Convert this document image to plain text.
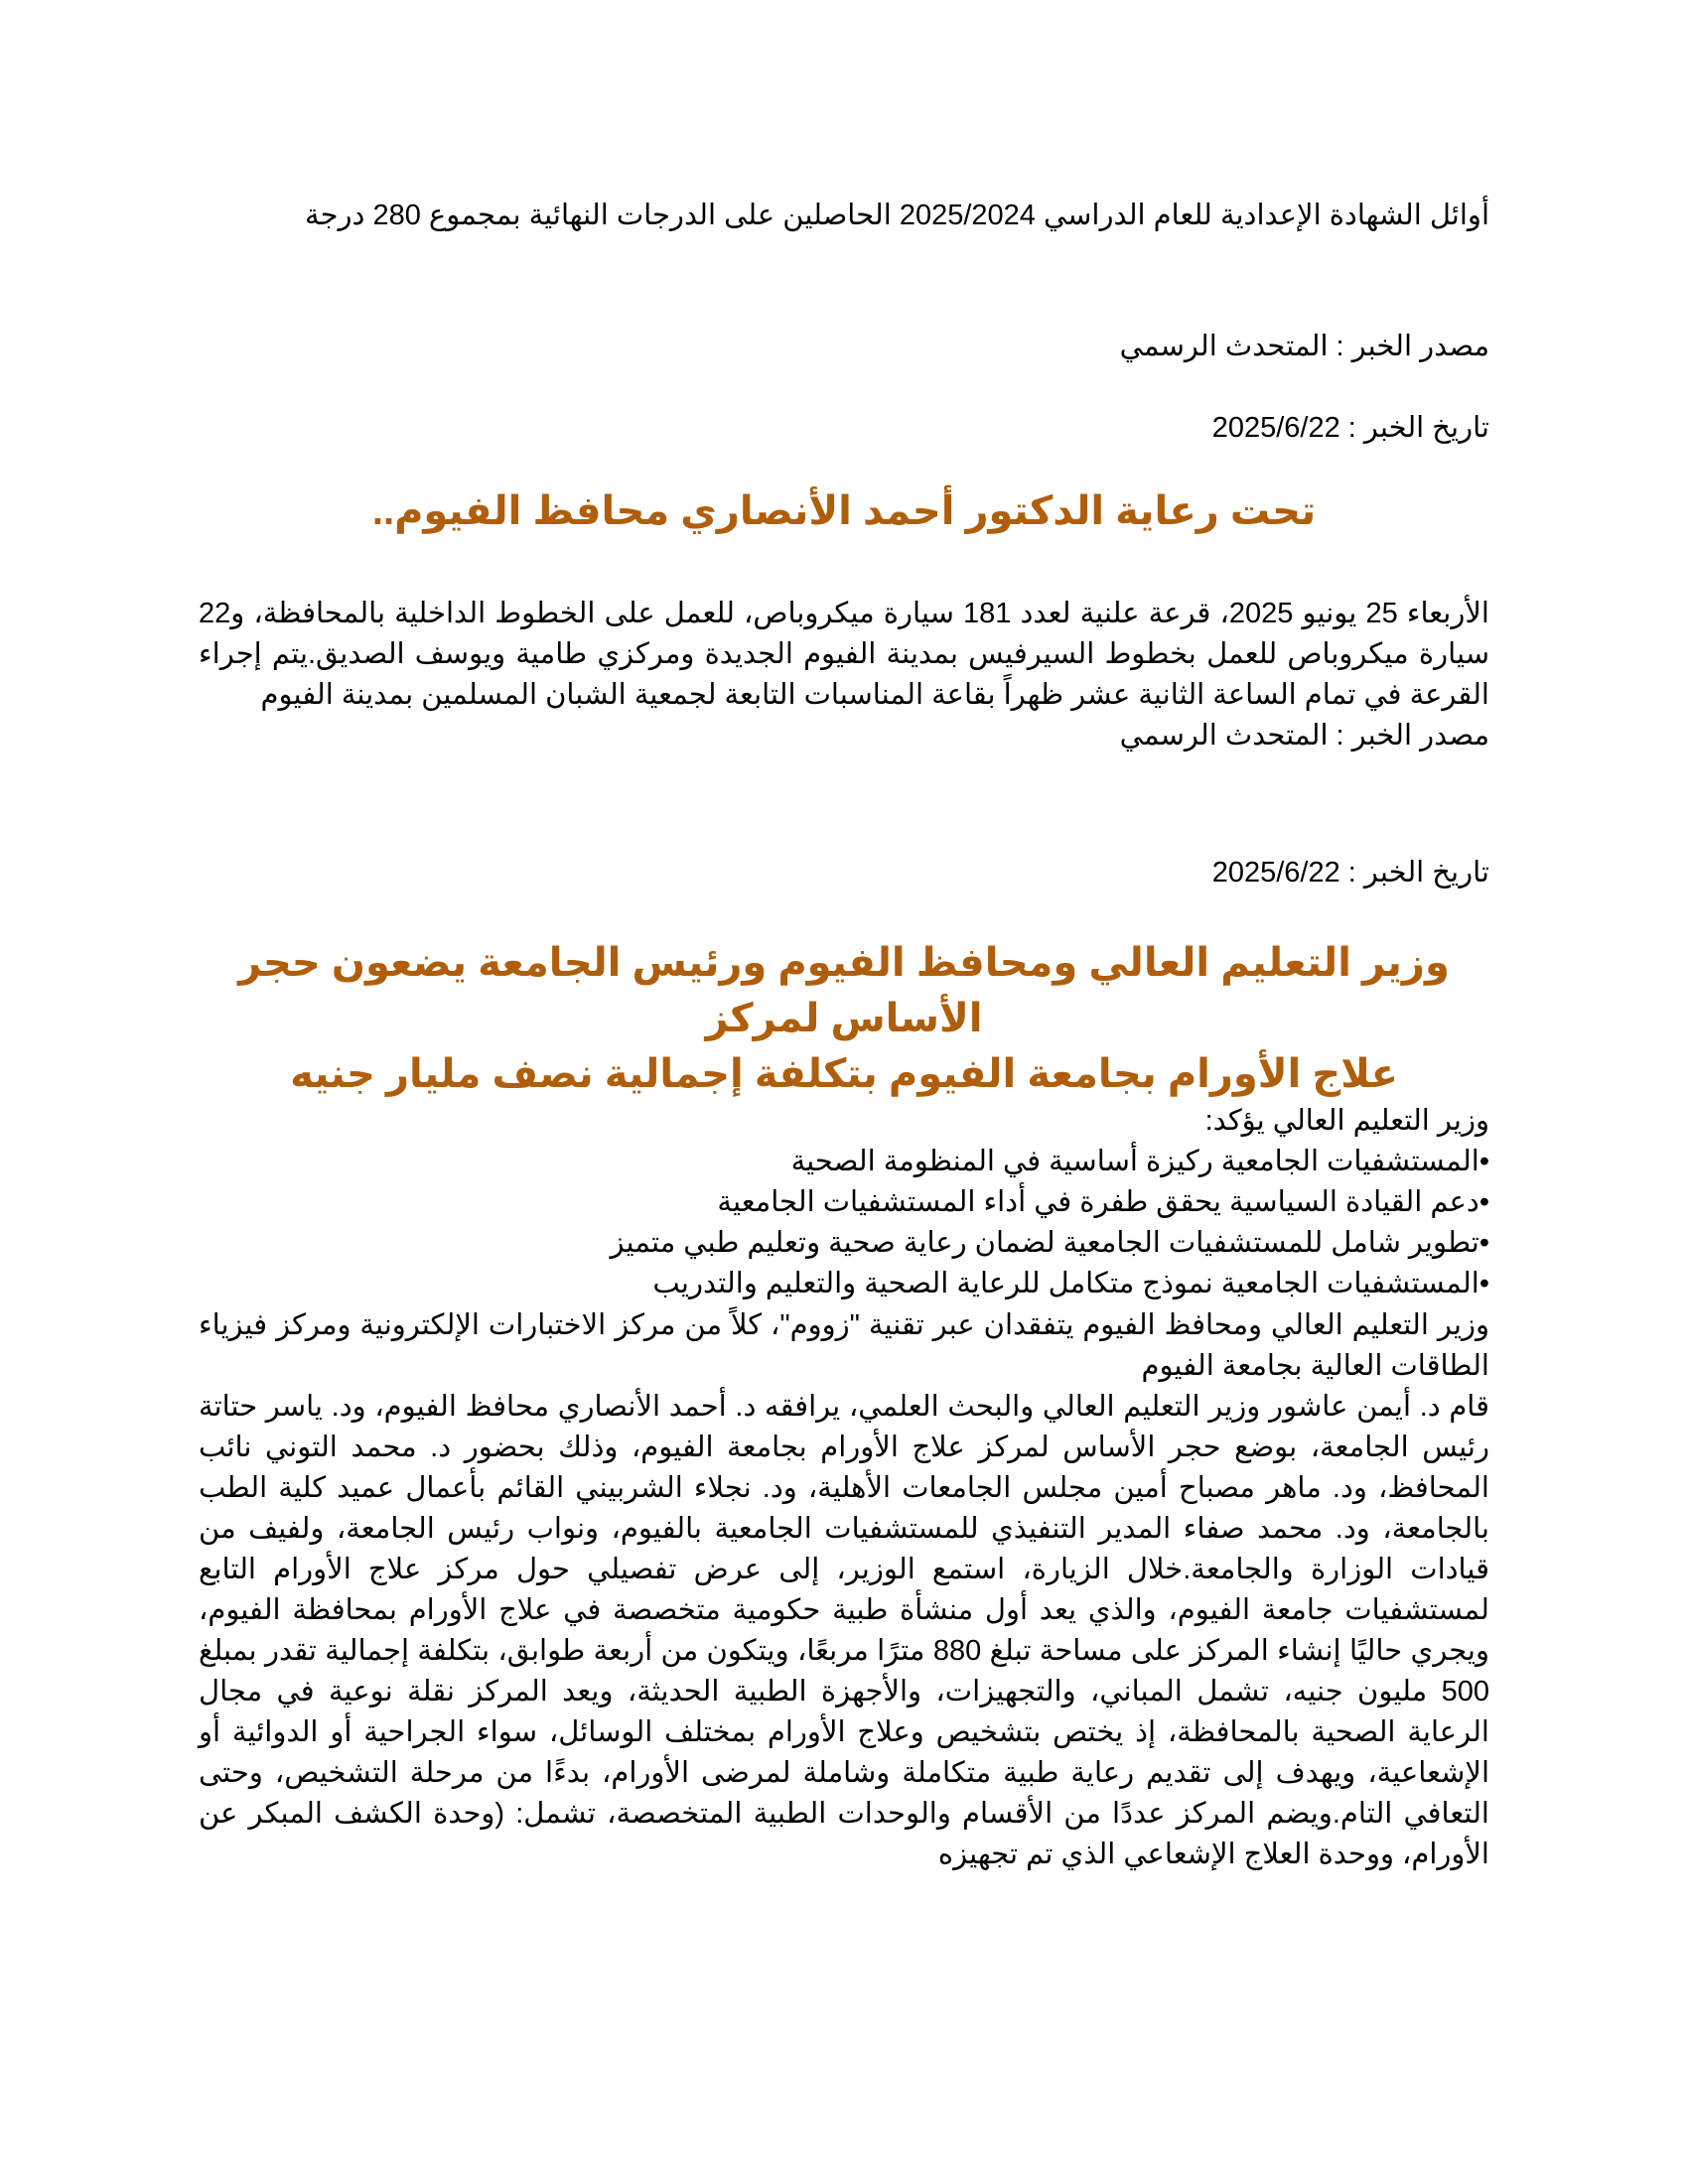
أوائل الشهادة الإعدادية للعام الدراسي 2025/2024 الحاصلين على الدرجات النهائية بمجموع 280 درجة
مصدر الخبر : المتحدث الرسمي
تاريخ الخبر : 2025/6/22
تحت رعاية الدكتور أحمد الأنصاري محافظ الفيوم..
الأربعاء 25 يونيو 2025، قرعة علنية لعدد 181 سيارة ميكروباص، للعمل على الخطوط الداخلية بالمحافظة، و22 سيارة ميكروباص للعمل بخطوط السيرفيس بمدينة الفيوم الجديدة ومركزي طامية ويوسف الصديق.يتم إجراء القرعة في تمام الساعة الثانية عشر ظهراً بقاعة المناسبات التابعة لجمعية الشبان المسلمين بمدينة الفيوم
مصدر الخبر : المتحدث الرسمي
تاريخ الخبر : 2025/6/22
وزير التعليم العالي ومحافظ الفيوم ورئيس الجامعة يضعون حجر الأساس لمركز
علاج الأورام بجامعة الفيوم بتكلفة إجمالية نصف مليار جنيه
وزير التعليم العالي يؤكد:
•المستشفيات الجامعية ركيزة أساسية في المنظومة الصحية
•دعم القيادة السياسية يحقق طفرة في أداء المستشفيات الجامعية
•تطوير شامل للمستشفيات الجامعية لضمان رعاية صحية وتعليم طبي متميز
•المستشفيات الجامعية نموذج متكامل للرعاية الصحية والتعليم والتدريب
وزير التعليم العالي ومحافظ الفيوم يتفقدان عبر تقنية "زووم"، كلاً من مركز الاختبارات الإلكترونية ومركز فيزياء الطاقات العالية بجامعة الفيوم
قام د. أيمن عاشور وزير التعليم العالي والبحث العلمي، يرافقه د. أحمد الأنصاري محافظ الفيوم، ود. ياسر حتاتة رئيس الجامعة، بوضع حجر الأساس لمركز علاج الأورام بجامعة الفيوم، وذلك بحضور د. محمد التوني نائب المحافظ، ود. ماهر مصباح أمين مجلس الجامعات الأهلية، ود. نجلاء الشربيني القائم بأعمال عميد كلية الطب بالجامعة، ود. محمد صفاء المدير التنفيذي للمستشفيات الجامعية بالفيوم، ونواب رئيس الجامعة، ولفيف من قيادات الوزارة والجامعة.خلال الزيارة، استمع الوزير، إلى عرض تفصيلي حول مركز علاج الأورام التابع لمستشفيات جامعة الفيوم، والذي يعد أول منشأة طبية حكومية متخصصة في علاج الأورام بمحافظة الفيوم، ويجري حاليًا إنشاء المركز على مساحة تبلغ 880 مترًا مربعًا، ويتكون من أربعة طوابق، بتكلفة إجمالية تقدر بمبلغ 500 مليون جنيه، تشمل المباني، والتجهيزات، والأجهزة الطبية الحديثة، ويعد المركز نقلة نوعية في مجال الرعاية الصحية بالمحافظة، إذ يختص بتشخيص وعلاج الأورام بمختلف الوسائل، سواء الجراحية أو الدوائية أو الإشعاعية، ويهدف إلى تقديم رعاية طبية متكاملة وشاملة لمرضى الأورام، بدءًا من مرحلة التشخيص، وحتى التعافي التام.ويضم المركز عددًا من الأقسام والوحدات الطبية المتخصصة، تشمل: (وحدة الكشف المبكر عن الأورام، ووحدة العلاج الإشعاعي الذي تم تجهيزه
